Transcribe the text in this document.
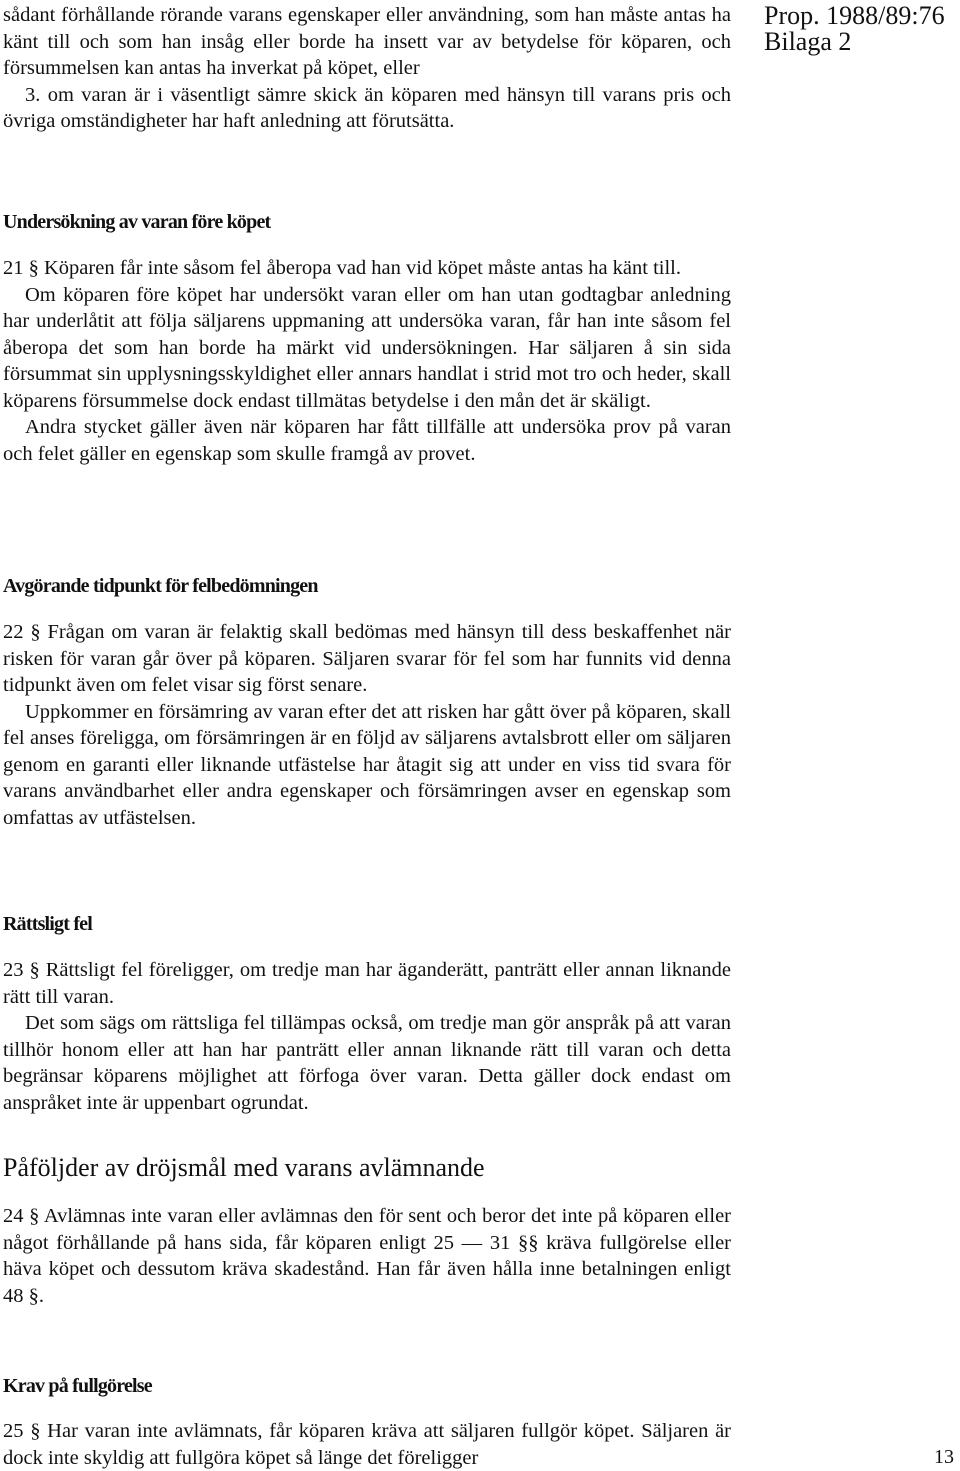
Prop. 1988/89:76
Bilaga 2
13

sådant förhållande rörande varans egenskaper eller användning, som han måste antas ha känt till och som han insåg eller borde ha insett var av betydelse för köparen, och försummelsen kan antas ha inverkat på köpet, eller

3. om varan är i väsentligt sämre skick än köparen med hänsyn till varans pris och övriga omständigheter har haft anledning att förutsätta.

Undersökning av varan före köpet

21 § Köparen får inte såsom fel åberopa vad han vid köpet måste antas ha känt till.

Om köparen före köpet har undersökt varan eller om han utan godtagbar anledning har underlåtit att följa säljarens uppmaning att undersöka varan, får han inte såsom fel åberopa det som han borde ha märkt vid undersökningen. Har säljaren å sin sida försummat sin upplysningsskyldighet eller annars handlat i strid mot tro och heder, skall köparens försummelse dock endast tillmätas betydelse i den mån det är skäligt.

Andra stycket gäller även när köparen har fått tillfälle att undersöka prov på varan och felet gäller en egenskap som skulle framgå av provet.

Avgörande tidpunkt för felbedömningen

22 § Frågan om varan är felaktig skall bedömas med hänsyn till dess beskaffenhet när risken för varan går över på köparen. Säljaren svarar för fel som har funnits vid denna tidpunkt även om felet visar sig först senare.

Uppkommer en försämring av varan efter det att risken har gått över på köparen, skall fel anses föreligga, om försämringen är en följd av säljarens avtalsbrott eller om säljaren genom en garanti eller liknande utfästelse har åtagit sig att under en viss tid svara för varans användbarhet eller andra egenskaper och försämringen avser en egenskap som omfattas av utfästelsen.

Rättsligt fel

23 § Rättsligt fel föreligger, om tredje man har äganderätt, panträtt eller annan liknande rätt till varan.

Det som sägs om rättsliga fel tillämpas också, om tredje man gör anspråk på att varan tillhör honom eller att han har panträtt eller annan liknande rätt till varan och detta begränsar köparens möjlighet att förfoga över varan. Detta gäller dock endast om anspråket inte är uppenbart ogrundat.

Påföljder av dröjsmål med varans avlämnande

24 § Avlämnas inte varan eller avlämnas den för sent och beror det inte på köparen eller något förhållande på hans sida, får köparen enligt 25 — 31 §§ kräva fullgörelse eller häva köpet och dessutom kräva skadestånd. Han får även hålla inne betalningen enligt 48 §.

Krav på fullgörelse

25 § Har varan inte avlämnats, får köparen kräva att säljaren fullgör köpet. Säljaren är dock inte skyldig att fullgöra köpet så länge det föreligger
